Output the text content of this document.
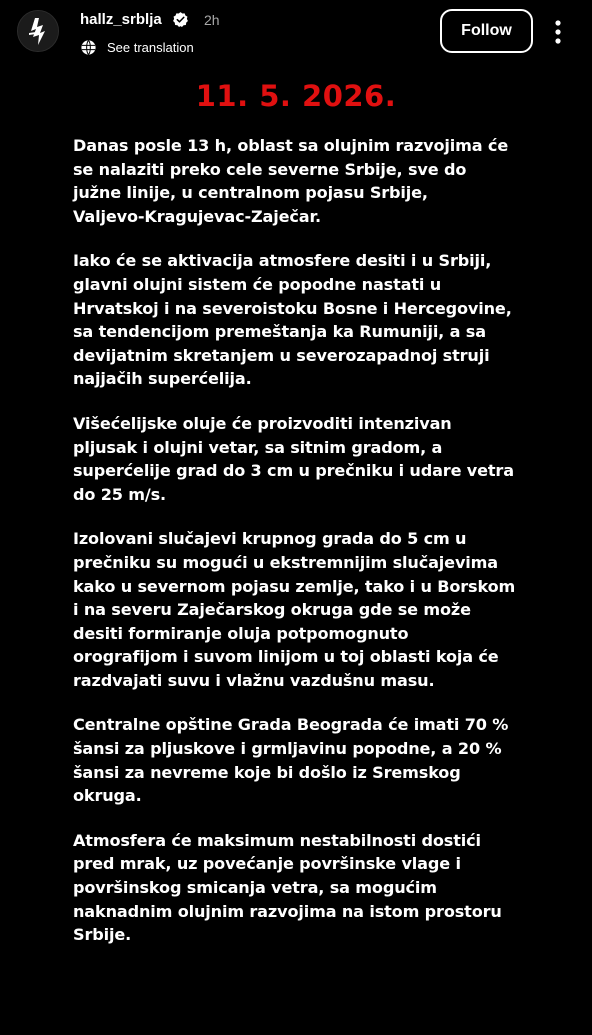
hallz_srblja	2h
See translation
Follow
11. 5. 2026.

Danas posle 13 h, oblast sa olujnim razvojima će
se nalaziti preko cele severne Srbije, sve do
južne linije, u centralnom pojasu Srbije,
Valjevo-Kragujevac-Zaječar.

Iako će se aktivacija atmosfere desiti i u Srbiji,
glavni olujni sistem će popodne nastati u
Hrvatskoj i na severoistoku Bosne i Hercegovine,
sa tendencijom premeštanja ka Rumuniji, a sa
devijatnim skretanjem u severozapadnoj struji
najjačih superćelija.

Višećelijske oluje će proizvoditi intenzivan
pljusak i olujni vetar, sa sitnim gradom, a
superćelije grad do 3 cm u prečniku i udare vetra
do 25 m/s.

Izolovani slučajevi krupnog grada do 5 cm u
prečniku su mogući u ekstremnijim slučajevima
kako u severnom pojasu zemlje, tako i u Borskom
i na severu Zaječarskog okruga gde se može
desiti formiranje oluja potpomognuto
orografijom i suvom linijom u toj oblasti koja će
razdvajati suvu i vlažnu vazdušnu masu.

Centralne opštine Grada Beograda će imati 70 %
šansi za pljuskove i grmljavinu popodne, a 20 %
šansi za nevreme koje bi došlo iz Sremskog
okruga.

Atmosfera će maksimum nestabilnosti dostići
pred mrak, uz povećanje površinske vlage i
površinskog smicanja vetra, sa mogućim
naknadnim olujnim razvojima na istom prostoru
Srbije.
